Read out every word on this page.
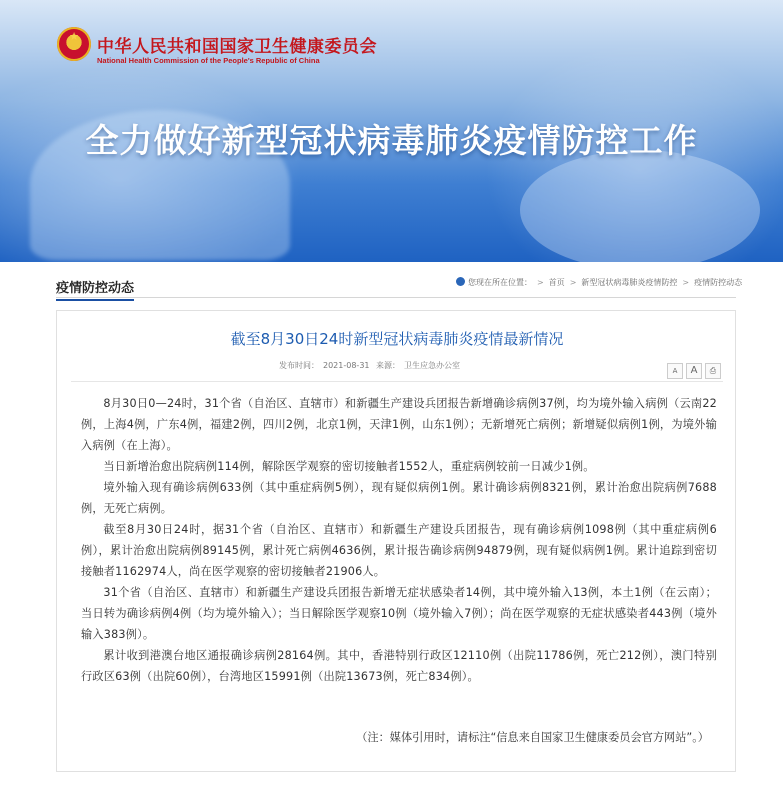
★
中华人民共和国国家卫生健康委员会
National Health Commission of the People's Republic of China
全力做好新型冠状病毒肺炎疫情防控工作
疫情防控动态	您现在所在位置： > 首页 > 新型冠状病毒肺炎疫情防控 > 疫情防控动态
截至8月30日24时新型冠状病毒肺炎疫情最新情况
发布时间： 2021-08-31 来源： 卫生应急办公室
A A ⎙

8月30日0—24时，31个省（自治区、直辖市）和新疆生产建设兵团报告新增确诊病例37例，均为境外输入病例（云南22例，上海4例，广东4例，福建2例，四川2例，北京1例，天津1例，山东1例）；无新增死亡病例；新增疑似病例1例，为境外输入病例（在上海）。

当日新增治愈出院病例114例，解除医学观察的密切接触者1552人，重症病例较前一日减少1例。

境外输入现有确诊病例633例（其中重症病例5例），现有疑似病例1例。累计确诊病例8321例，累计治愈出院病例7688例，无死亡病例。

截至8月30日24时，据31个省（自治区、直辖市）和新疆生产建设兵团报告，现有确诊病例1098例（其中重症病例6例），累计治愈出院病例89145例，累计死亡病例4636例，累计报告确诊病例94879例，现有疑似病例1例。累计追踪到密切接触者1162974人，尚在医学观察的密切接触者21906人。

31个省（自治区、直辖市）和新疆生产建设兵团报告新增无症状感染者14例，其中境外输入13例，本土1例（在云南）；当日转为确诊病例4例（均为境外输入）；当日解除医学观察10例（境外输入7例）；尚在医学观察的无症状感染者443例（境外输入383例）。

累计收到港澳台地区通报确诊病例28164例。其中，香港特别行政区12110例（出院11786例，死亡212例），澳门特别行政区63例（出院60例），台湾地区15991例（出院13673例，死亡834例）。

（注：媒体引用时，请标注“信息来自国家卫生健康委员会官方网站”。）
